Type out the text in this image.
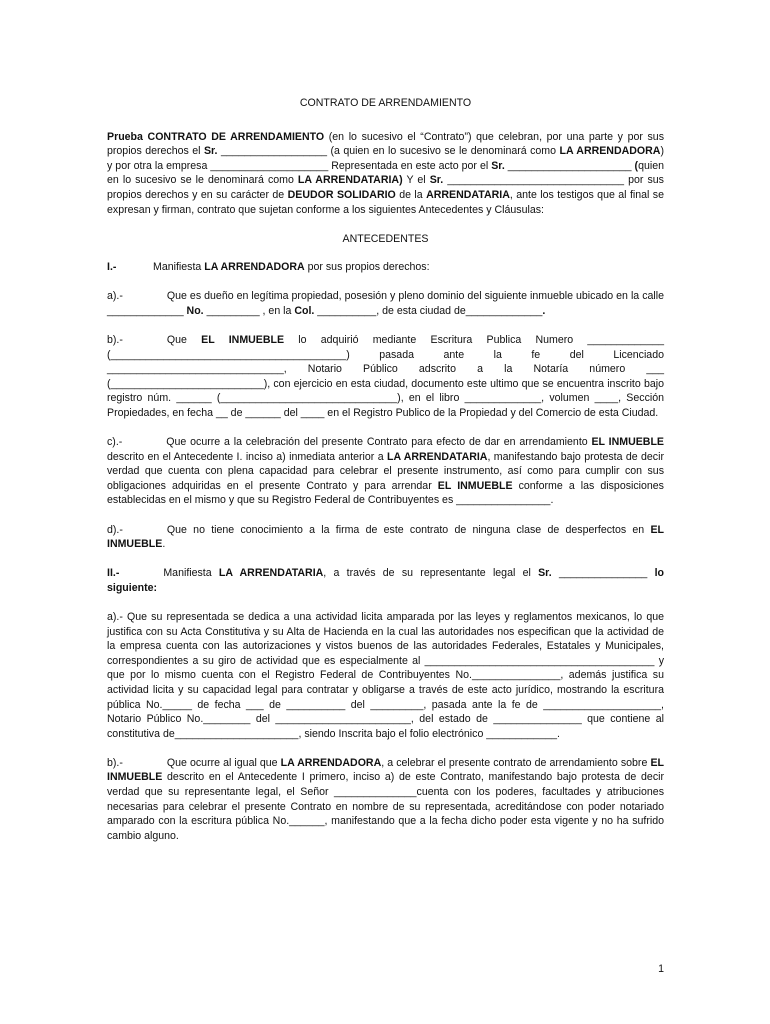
CONTRATO DE ARRENDAMIENTO

Prueba CONTRATO DE ARRENDAMIENTO (en lo sucesivo el “Contrato”) que celebran, por una parte y por sus propios derechos el Sr. __________________ (a quien en lo sucesivo se le denominará como LA ARRENDADORA) y por otra la empresa ____________________ Representada en este acto por el Sr. _____________________ (quien en lo sucesivo se le denominará como LA ARRENDATARIA) Y el Sr. ______________________________ por sus propios derechos y en su carácter de DEUDOR SOLIDARIO de la ARRENDATARIA, ante los testigos que al final se expresan y firman, contrato que sujetan conforme a los siguientes Antecedentes y Cláusulas:

ANTECEDENTES

I.-	Manifiesta LA ARRENDADORA por sus propios derechos:

a).-	Que es dueño en legítima propiedad, posesión y pleno dominio del siguiente inmueble ubicado en la calle _____________ No. _________ , en la Col. __________, de esta ciudad de_____________.

b).-	Que EL INMUEBLE lo adquirió mediante Escritura Publica Numero _____________ (________________________________________) pasada ante la fe del Licenciado ______________________________, Notario Público adscrito a la Notaría número ___ (__________________________), con ejercicio en esta ciudad, documento este ultimo que se encuentra inscrito bajo registro núm. ______ (______________________________), en el libro _____________, volumen ____, Sección Propiedades, en fecha __ de ______ del ____ en el Registro Publico de la Propiedad y del Comercio de esta Ciudad.

c).-	Que ocurre a la celebración del presente Contrato para efecto de dar en arrendamiento EL INMUEBLE descrito en el Antecedente I. inciso a) inmediata anterior a LA ARRENDATARIA, manifestando bajo protesta de decir verdad que cuenta con plena capacidad para celebrar el presente instrumento, así como para cumplir con sus obligaciones adquiridas en el presente Contrato y para arrendar EL INMUEBLE conforme a las disposiciones establecidas en el mismo y que su Registro Federal de Contribuyentes es ________________.

d).-	Que no tiene conocimiento a la firma de este contrato de ninguna clase de desperfectos en EL INMUEBLE.

II.-	Manifiesta LA ARRENDATARIA, a través de su representante legal el Sr. _______________ lo siguiente:

a).- Que su representada se dedica a una actividad licita amparada por las leyes y reglamentos mexicanos, lo que justifica con su Acta Constitutiva y su Alta de Hacienda en la cual las autoridades nos especifican que la actividad de la empresa cuenta con las autorizaciones y vistos buenos de las autoridades Federales, Estatales y Municipales, correspondientes a su giro de actividad que es especialmente al _______________________________________ y que por lo mismo cuenta con el Registro Federal de Contribuyentes No._______________, además justifica su actividad licita y su capacidad legal para contratar y obligarse a través de este acto jurídico, mostrando la escritura pública No._____ de fecha ___ de __________ del _________, pasada ante la fe de ____________________, Notario Público No.________ del _______________________, del estado de _______________ que contiene al constitutiva de_____________________, siendo Inscrita bajo el folio electrónico ____________.

b).-	Que ocurre al igual que LA ARRENDADORA, a celebrar el presente contrato de arrendamiento sobre EL INMUEBLE descrito en el Antecedente I primero, inciso a) de este Contrato, manifestando bajo protesta de decir verdad que su representante legal, el Señor ______________cuenta con los poderes, facultades y atribuciones necesarias para celebrar el presente Contrato en nombre de su representada, acreditándose con poder notariado amparado con la escritura pública No.______, manifestando que a la fecha dicho poder esta vigente y no ha sufrido cambio alguno.

1
